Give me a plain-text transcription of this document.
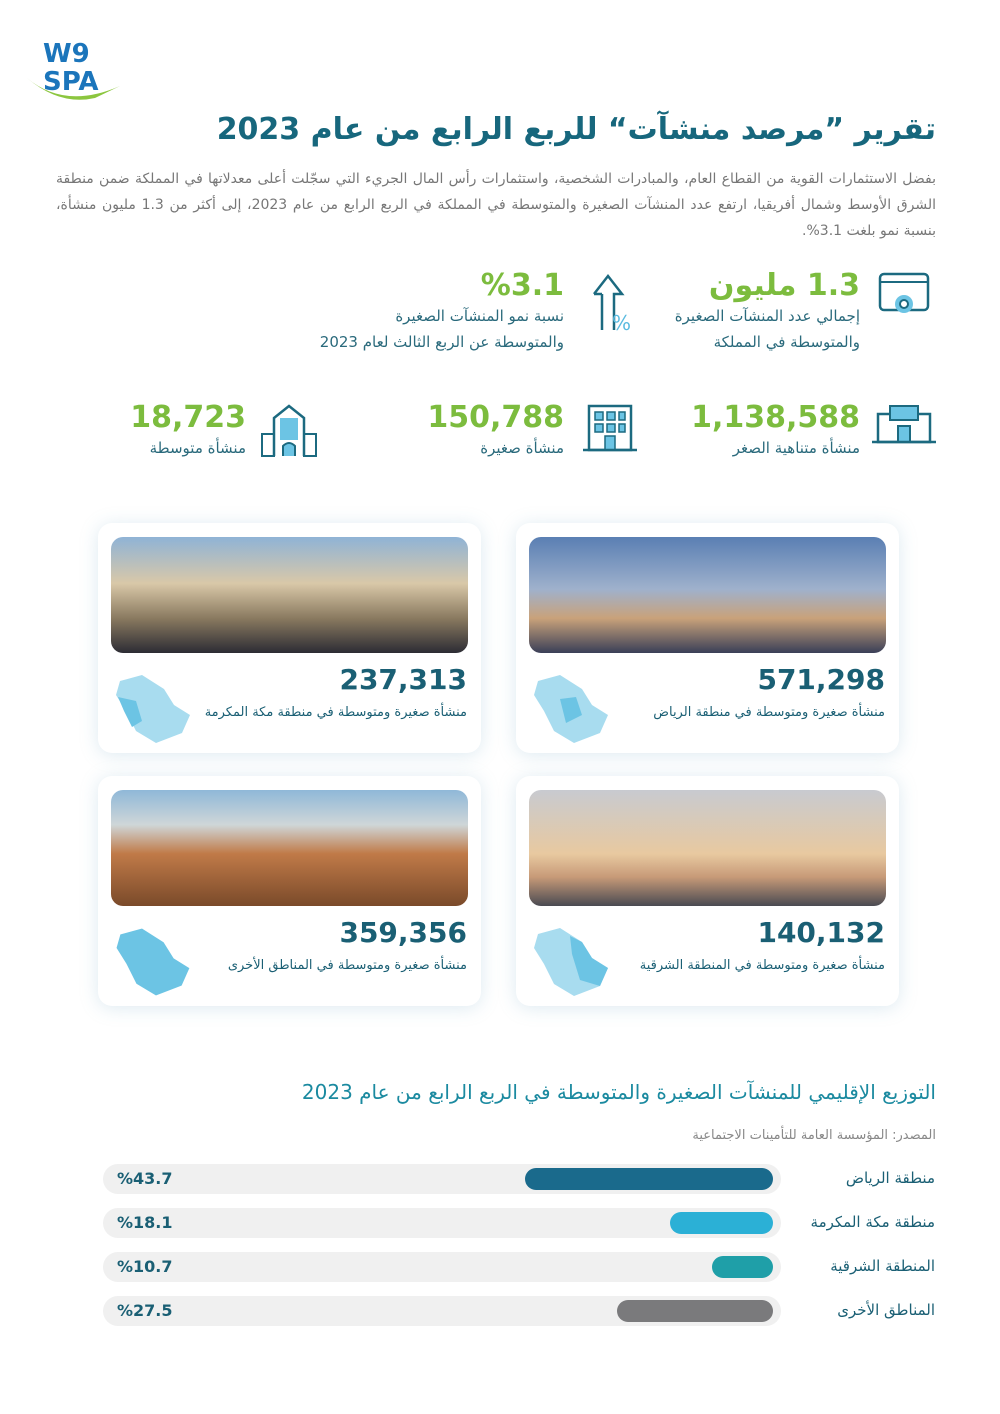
W9
SPA
تقرير ”مرصد منشآت“ للربع الرابع من عام 2023
بفضل الاستثمارات القوية من القطاع العام، والمبادرات الشخصية، واستثمارات رأس المال الجريء التي سجّلت أعلى معدلاتها في المملكة ضمن منطقة الشرق الأوسط وشمال أفريقيا، ارتفع عدد المنشآت الصغيرة والمتوسطة في المملكة في الربع الرابع من عام 2023، إلى أكثر من 1.3 مليون منشأة، بنسبة نمو بلغت 3.1%.
1.3 مليون
إجمالي عدد المنشآت الصغيرة
والمتوسطة في المملكة
%
%3.1
نسبة نمو المنشآت الصغيرة
والمتوسطة عن الربع الثالث لعام 2023
1,138,588
منشأة متناهية الصغر
150,788
منشأة صغيرة
18,723
منشأة متوسطة
571,298
منشأة صغيرة ومتوسطة في منطقة الرياض
237,313
منشأة صغيرة ومتوسطة في منطقة مكة المكرمة
140,132
منشأة صغيرة ومتوسطة في المنطقة الشرقية
359,356
منشأة صغيرة ومتوسطة في المناطق الأخرى
التوزيع الإقليمي للمنشآت الصغيرة والمتوسطة في الربع الرابع من عام 2023
المصدر: المؤسسة العامة للتأمينات الاجتماعية
%43.7	منطقة الرياض
%18.1	منطقة مكة المكرمة
%10.7	المنطقة الشرقية
%27.5	المناطق الأخرى
